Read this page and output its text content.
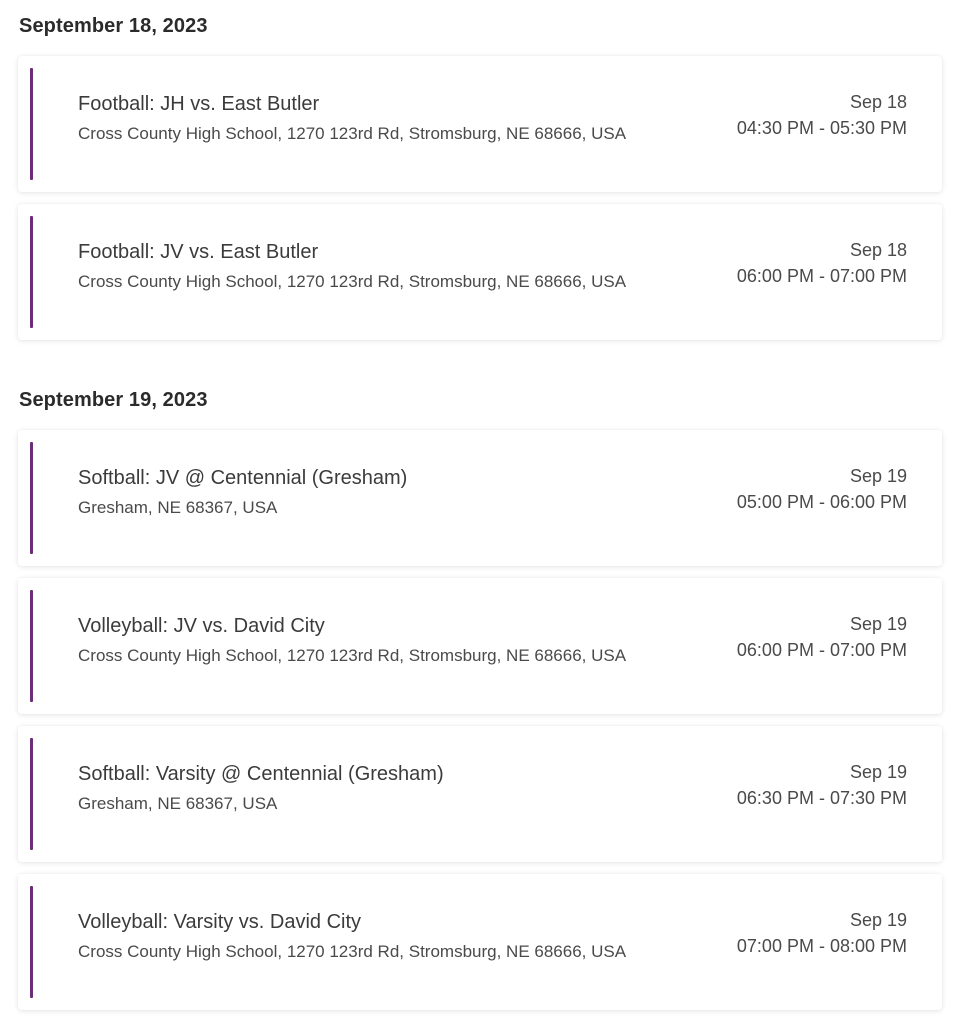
September 18, 2023
Football: JH vs. East Butler
Cross County High School, 1270 123rd Rd, Stromsburg, NE 68666, USA
Sep 18
04:30 PM - 05:30 PM
Football: JV vs. East Butler
Cross County High School, 1270 123rd Rd, Stromsburg, NE 68666, USA
Sep 18
06:00 PM - 07:00 PM
September 19, 2023
Softball: JV @ Centennial (Gresham)
Gresham, NE 68367, USA
Sep 19
05:00 PM - 06:00 PM
Volleyball: JV vs. David City
Cross County High School, 1270 123rd Rd, Stromsburg, NE 68666, USA
Sep 19
06:00 PM - 07:00 PM
Softball: Varsity @ Centennial (Gresham)
Gresham, NE 68367, USA
Sep 19
06:30 PM - 07:30 PM
Volleyball: Varsity vs. David City
Cross County High School, 1270 123rd Rd, Stromsburg, NE 68666, USA
Sep 19
07:00 PM - 08:00 PM
